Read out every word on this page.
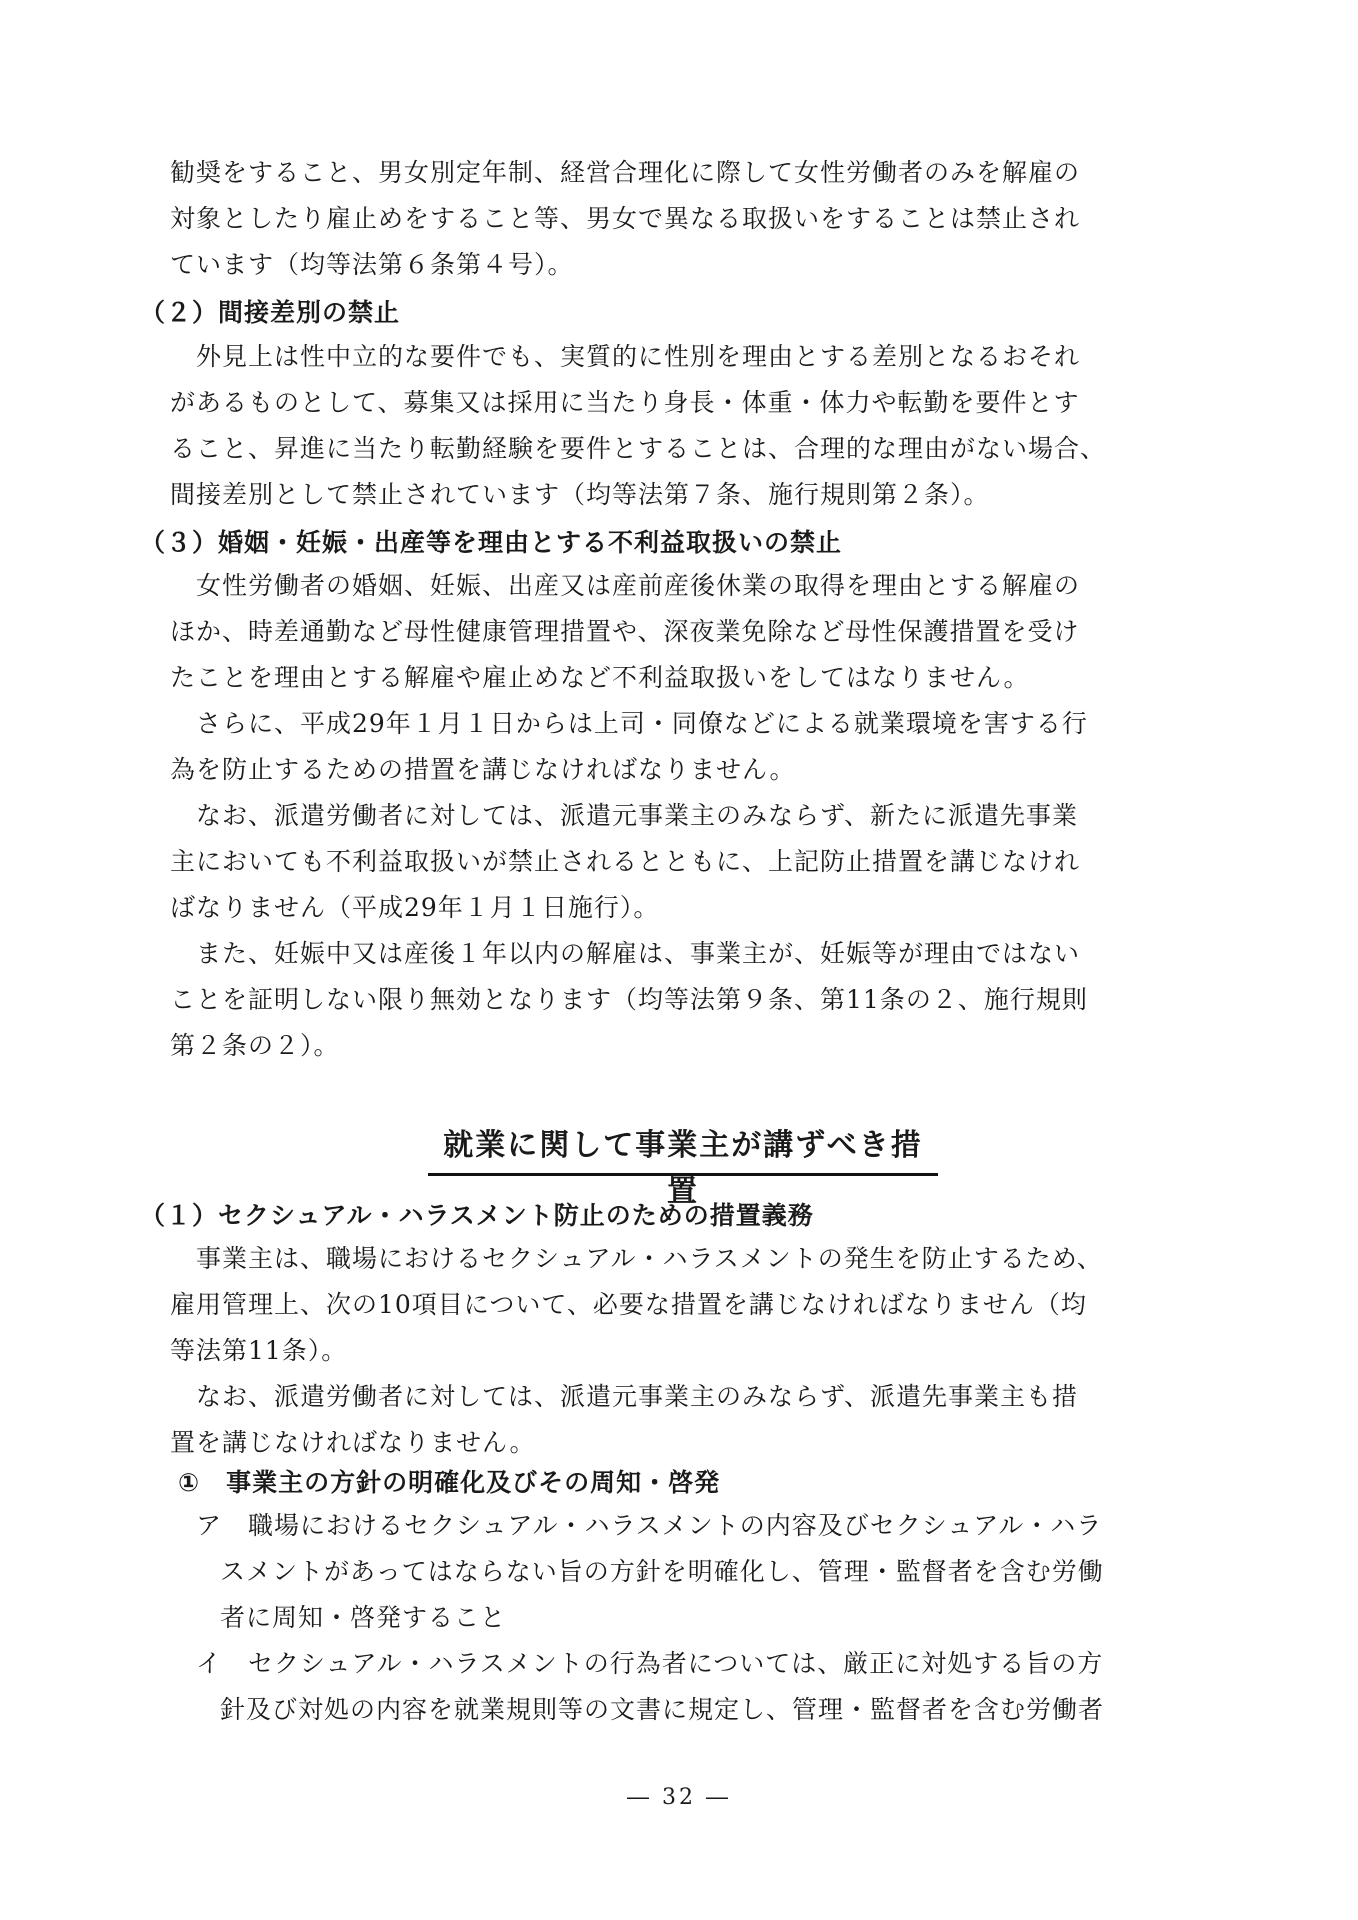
勧奨をすること、男女別定年制、経営合理化に際して女性労働者のみを解雇の
対象としたり雇止めをすること等、男女で異なる取扱いをすることは禁止され
ています（均等法第６条第４号）。
（２）間接差別の禁止
外見上は性中立的な要件でも、実質的に性別を理由とする差別となるおそれ
があるものとして、募集又は採用に当たり身長・体重・体力や転勤を要件とす
ること、昇進に当たり転勤経験を要件とすることは、合理的な理由がない場合、
間接差別として禁止されています（均等法第７条、施行規則第２条）。
（３）婚姻・妊娠・出産等を理由とする不利益取扱いの禁止
女性労働者の婚姻、妊娠、出産又は産前産後休業の取得を理由とする解雇の
ほか、時差通勤など母性健康管理措置や、深夜業免除など母性保護措置を受け
たことを理由とする解雇や雇止めなど不利益取扱いをしてはなりません。
さらに、平成29年１月１日からは上司・同僚などによる就業環境を害する行
為を防止するための措置を講じなければなりません。
なお、派遣労働者に対しては、派遣元事業主のみならず、新たに派遣先事業
主においても不利益取扱いが禁止されるとともに、上記防止措置を講じなけれ
ばなりません（平成29年１月１日施行）。
また、妊娠中又は産後１年以内の解雇は、事業主が、妊娠等が理由ではない
ことを証明しない限り無効となります（均等法第９条、第11条の２、施行規則
第２条の２）。
就業に関して事業主が講ずべき措置
（１）セクシュアル・ハラスメント防止のための措置義務
事業主は、職場におけるセクシュアル・ハラスメントの発生を防止するため、
雇用管理上、次の10項目について、必要な措置を講じなければなりません（均
等法第11条）。
なお、派遣労働者に対しては、派遣元事業主のみならず、派遣先事業主も措
置を講じなければなりません。
①　事業主の方針の明確化及びその周知・啓発
ア　職場におけるセクシュアル・ハラスメントの内容及びセクシュアル・ハラ
スメントがあってはならない旨の方針を明確化し、管理・監督者を含む労働
者に周知・啓発すること
イ　セクシュアル・ハラスメントの行為者については、厳正に対処する旨の方
針及び対処の内容を就業規則等の文書に規定し、管理・監督者を含む労働者
― 32 ―
